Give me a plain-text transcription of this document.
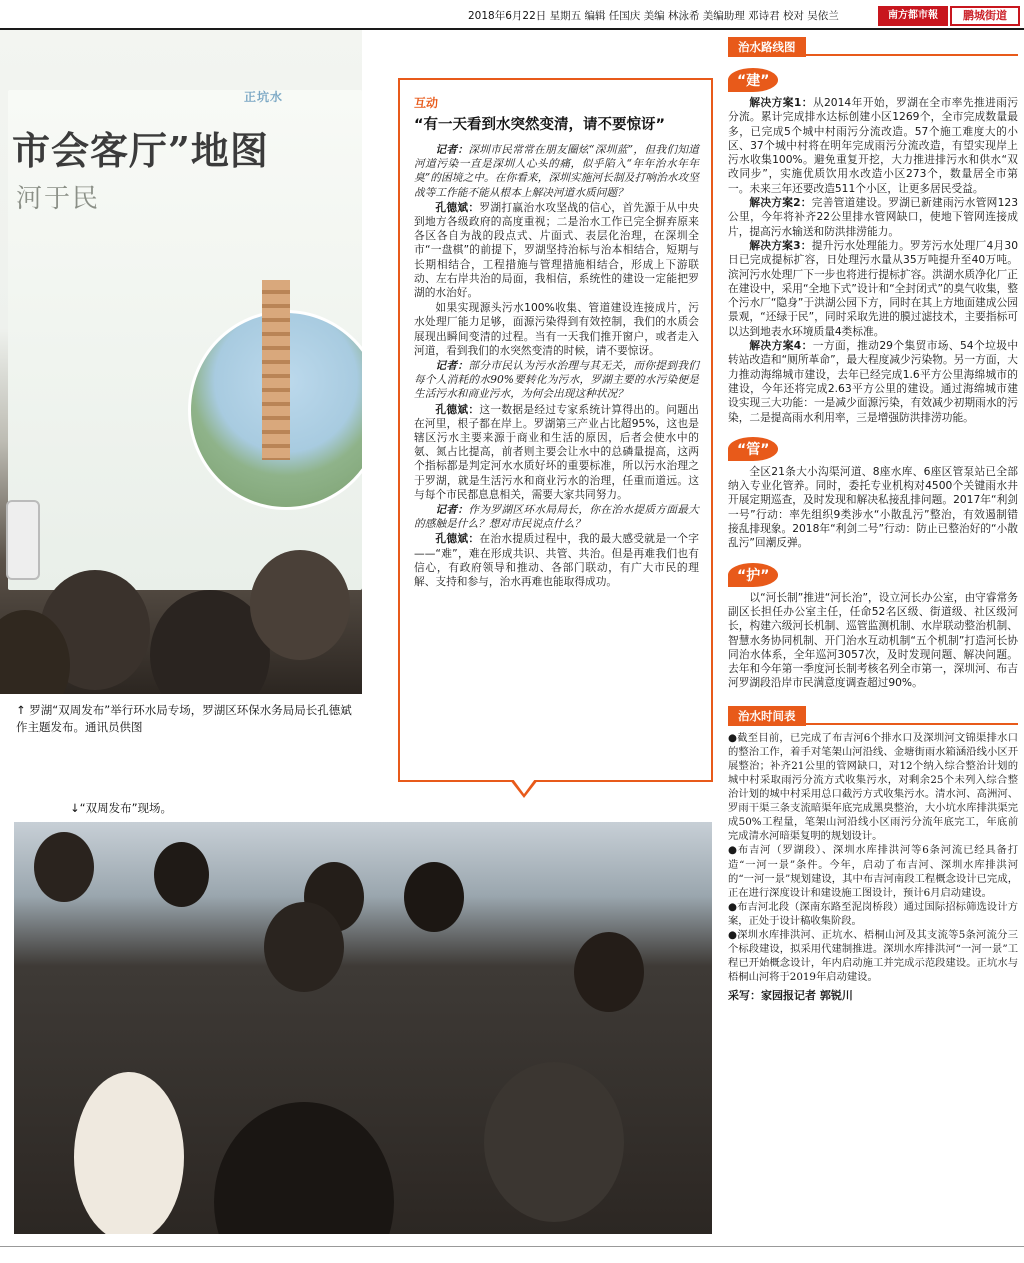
2018年6月22日 星期五 编辑 任国庆 美编 林泳希 美编助理 邓诗君 校对 吴依兰	南方都市報	鹏城街道
正坑水
市会客厅”地图
河于民
↑ 罗湖“双周发布”举行环水局专场，罗湖区环保水务局局长孔德斌作主题发布。通讯员供图
↓“双周发布”现场。
互动
“有一天看到水突然变清，请不要惊讶”

记者：深圳市民常常在朋友圈炫“深圳蓝”，但我们知道河道污染一直是深圳人心头的痛，似乎陷入“年年治水年年臭”的困境之中。在你看来，深圳实施河长制及打响治水攻坚战等工作能不能从根本上解决河道水质问题？

孔德斌：罗湖打赢治水攻坚战的信心，首先源于从中央到地方各级政府的高度重视；二是治水工作已完全摒弃原来各区各自为战的段点式、片面式、表层化治理，在深圳全市“一盘棋”的前提下，罗湖坚持治标与治本相结合，短期与长期相结合，工程措施与管理措施相结合，形成上下游联动、左右岸共治的局面，我相信，系统性的建设一定能把罗湖的水治好。

如果实现源头污水100%收集、管道建设连接成片，污水处理厂能力足够，面源污染得到有效控制，我们的水质会展现出瞬间变清的过程。当有一天我们推开窗户，或者走入河道，看到我们的水突然变清的时候，请不要惊讶。

记者：部分市民认为污水治理与其无关，而你提到我们每个人消耗的水90%要转化为污水，罗湖主要的水污染便是生活污水和商业污水，为何会出现这种状况？

孔德斌：这一数据是经过专家系统计算得出的。问题出在河里，根子都在岸上。罗湖第三产业占比超95%，这也是辖区污水主要来源于商业和生活的原因，后者会使水中的氨、氮占比提高，前者则主要会让水中的总磷量提高，这两个指标都是判定河水水质好坏的重要标准，所以污水治理之于罗湖，就是生活污水和商业污水的治理，任重而道远。这与每个市民都息息相关，需要大家共同努力。

记者：作为罗湖区环水局局长，你在治水提质方面最大的感触是什么？想对市民说点什么？

孔德斌：在治水提质过程中，我的最大感受就是一个字——“难”，难在形成共识、共管、共治。但是再难我们也有信心，有政府领导和推动、各部门联动，有广大市民的理解、支持和参与，治水再难也能取得成功。

治水路线图
“建”

解决方案1：从2014年开始，罗湖在全市率先推进雨污分流。累计完成排水达标创建小区1269个，全市完成数量最多，已完成5个城中村雨污分流改造。57个施工难度大的小区、37个城中村将在明年完成雨污分流改造，有望实现岸上污水收集100%。避免重复开挖，大力推进排污水和供水“双改同步”，实施优质饮用水改造小区273个，数量居全市第一。未来三年还要改造511个小区，让更多居民受益。

解决方案2：完善管道建设。罗湖已新建雨污水管网123公里，今年将补齐22公里排水管网缺口，使地下管网连接成片，提高污水输送和防洪排涝能力。

解决方案3：提升污水处理能力。罗芳污水处理厂4月30日已完成提标扩容，日处理污水量从35万吨提升至40万吨。滨河污水处理厂下一步也将进行提标扩容。洪湖水质净化厂正在建设中，采用“全地下式”设计和“全封闭式”的臭气收集，整个污水厂“隐身”于洪湖公园下方，同时在其上方地面建成公园景观，“还绿于民”，同时采取先进的膜过滤技术，主要指标可以达到地表水环境质量4类标准。

解决方案4：一方面，推动29个集贸市场、54个垃圾中转站改造和“厕所革命”，最大程度减少污染物。另一方面，大力推动海绵城市建设，去年已经完成1.6平方公里海绵城市的建设，今年还将完成2.63平方公里的建设。通过海绵城市建设实现三大功能：一是减少面源污染，有效减少初期雨水的污染，二是提高雨水利用率，三是增强防洪排涝功能。

“管”

全区21条大小沟渠河道、8座水库、6座区管泵站已全部纳入专业化管养。同时，委托专业机构对4500个关键雨水井开展定期巡查，及时发现和解决私接乱排问题。2017年“利剑一号”行动：率先组织9类涉水“小散乱污”整治，有效遏制错接乱排现象。2018年“利剑二号”行动：防止已整治好的“小散乱污”回潮反弹。

“护”

以“河长制”推进“河长治”，设立河长办公室，由守睿常务副区长担任办公室主任，任命52名区级、街道级、社区级河长，构建六级河长机制、巡管监测机制、水岸联动整治机制、智慧水务协同机制、开门治水互动机制“五个机制”打造河长协同治水体系，全年巡河3057次，及时发现问题、解决问题。去年和今年第一季度河长制考核名列全市第一，深圳河、布吉河罗湖段沿岸市民满意度调查超过90%。

治水时间表

●截至目前，已完成了布吉河6个排水口及深圳河文锦渠排水口的整治工作，着手对笔架山河沿线、金塘街雨水箱涵沿线小区开展整治；补齐21公里的管网缺口，对12个纳入综合整治计划的城中村采取雨污分流方式收集污水，对剩余25个未列入综合整治计划的城中村采用总口截污方式收集污水。清水河、高洲河、罗雨干渠三条支流暗渠年底完成黑臭整治，大小坑水库排洪渠完成50%工程量，笔架山河沿线小区雨污分流年底完工，年底前完成清水河暗渠复明的规划设计。

●布吉河（罗湖段）、深圳水库排洪河等6条河流已经具备打造“一河一景”条件。今年，启动了布吉河、深圳水库排洪河的“一河一景”规划建设，其中布吉河南段工程概念设计已完成，正在进行深度设计和建设施工图设计，预计6月启动建设。

●布吉河北段（深南东路至泥岗桥段）通过国际招标筛选设计方案，正处于设计稿收集阶段。

●深圳水库排洪河、正坑水、梧桐山河及其支流等5条河流分三个标段建设，拟采用代建制推进。深圳水库排洪河“一河一景”工程已开始概念设计，年内启动施工并完成示范段建设。正坑水与梧桐山河将于2019年启动建设。

采写：家园报记者 郭锐川
